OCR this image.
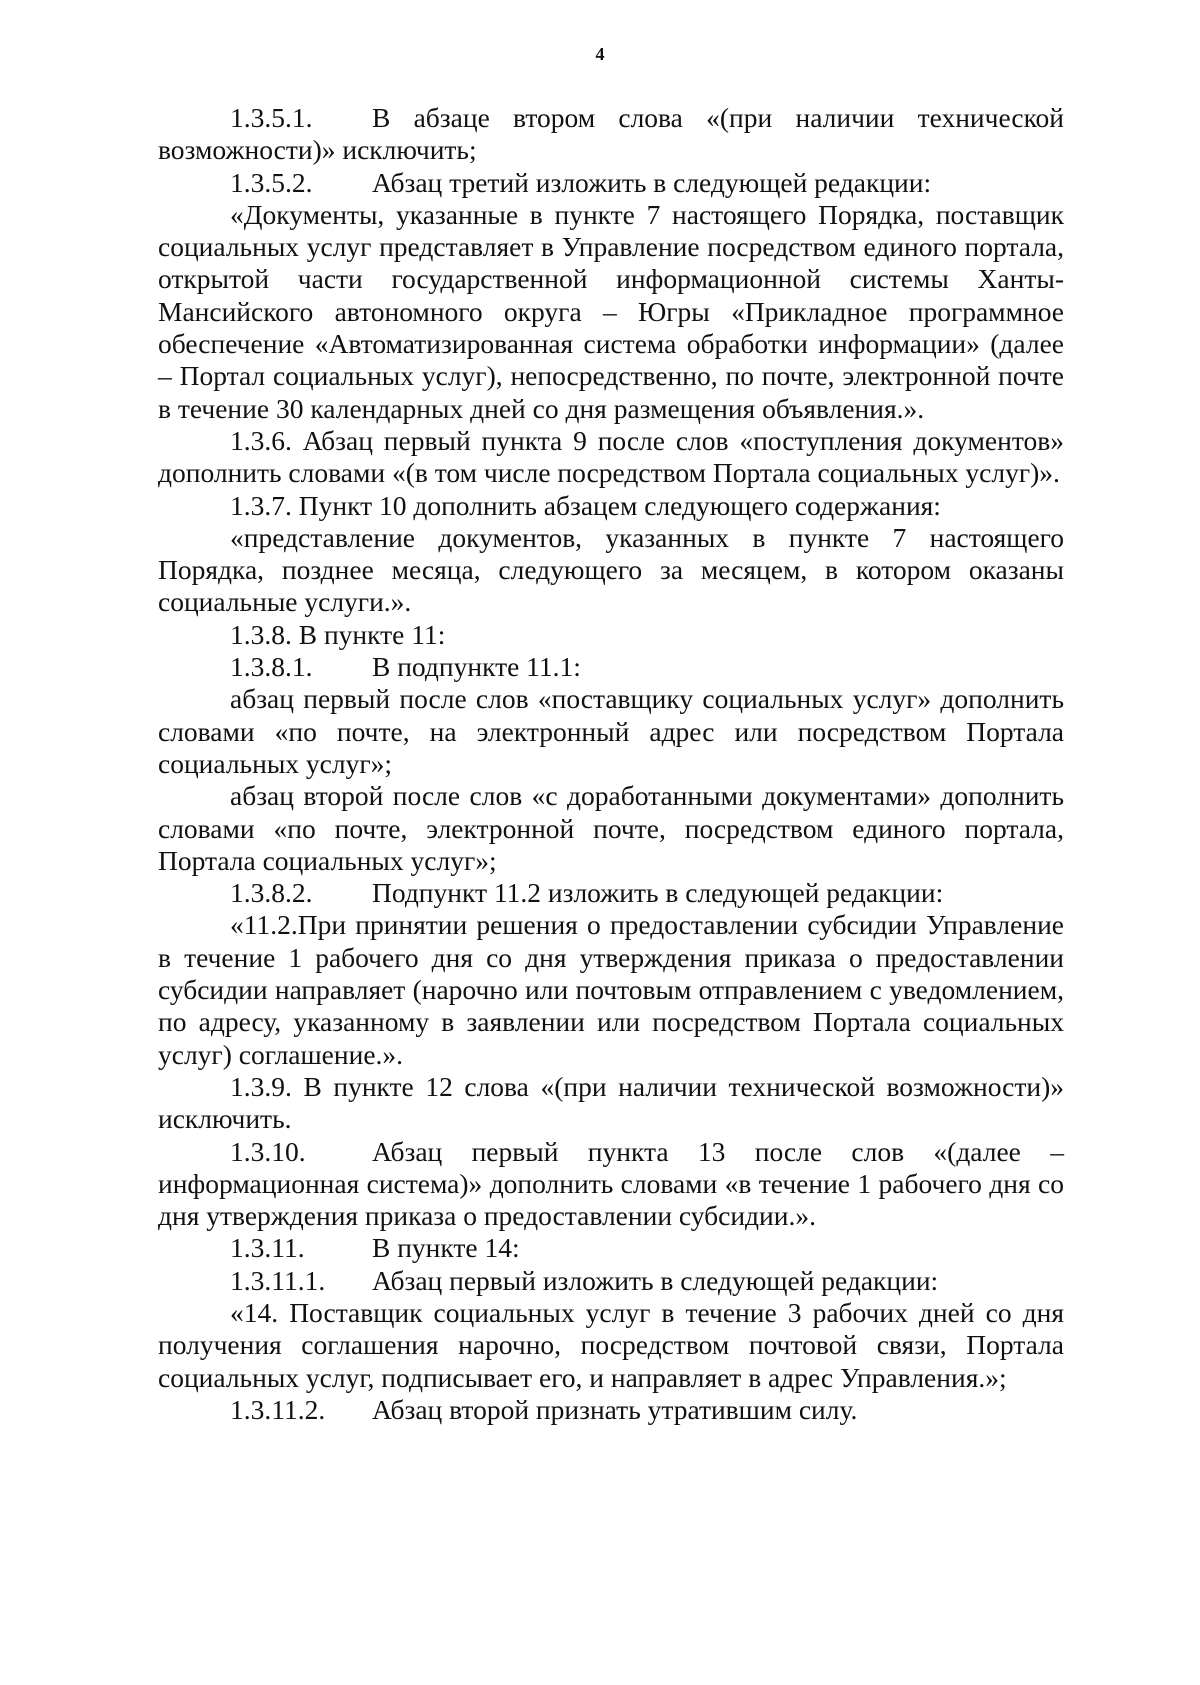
4

1.3.5.1. В абзаце втором слова «(при наличии технической возможности)» исключить;

1.3.5.2. Абзац третий изложить в следующей редакции:

«Документы, указанные в пункте 7 настоящего Порядка, поставщик социальных услуг представляет в Управление посредством единого портала, открытой части государственной информационной системы Ханты-Мансийского автономного округа – Югры «Прикладное программное обеспечение «Автоматизированная система обработки информации» (далее – Портал социальных услуг), непосредственно, по почте, электронной почте в течение 30 календарных дней со дня размещения объявления.».

1.3.6. Абзац первый пункта 9 после слов «поступления документов» дополнить словами «(в том числе посредством Портала социальных услуг)».

1.3.7. Пункт 10 дополнить абзацем следующего содержания:

«представление документов, указанных в пункте 7 настоящего Порядка, позднее месяца, следующего за месяцем, в котором оказаны социальные услуги.».

1.3.8. В пункте 11:

1.3.8.1. В подпункте 11.1:

абзац первый после слов «поставщику социальных услуг» дополнить словами «по почте, на электронный адрес или посредством Портала социальных услуг»;

абзац второй после слов «с доработанными документами» дополнить словами «по почте, электронной почте, посредством единого портала, Портала социальных услуг»;

1.3.8.2. Подпункт 11.2 изложить в следующей редакции:

«11.2.При принятии решения о предоставлении субсидии Управление в течение 1 рабочего дня со дня утверждения приказа о предоставлении субсидии направляет (нарочно или почтовым отправлением с уведомлением, по адресу, указанному в заявлении или посредством Портала социальных услуг) соглашение.».

1.3.9. В пункте 12 слова «(при наличии технической возможности)» исключить.

1.3.10. Абзац первый пункта 13 после слов «(далее – информационная система)» дополнить словами «в течение 1 рабочего дня со дня утверждения приказа о предоставлении субсидии.».

1.3.11. В пункте 14:

1.3.11.1. Абзац первый изложить в следующей редакции:

«14. Поставщик социальных услуг в течение 3 рабочих дней со дня получения соглашения нарочно, посредством почтовой связи, Портала социальных услуг, подписывает его, и направляет в адрес Управления.»;

1.3.11.2. Абзац второй признать утратившим силу.
